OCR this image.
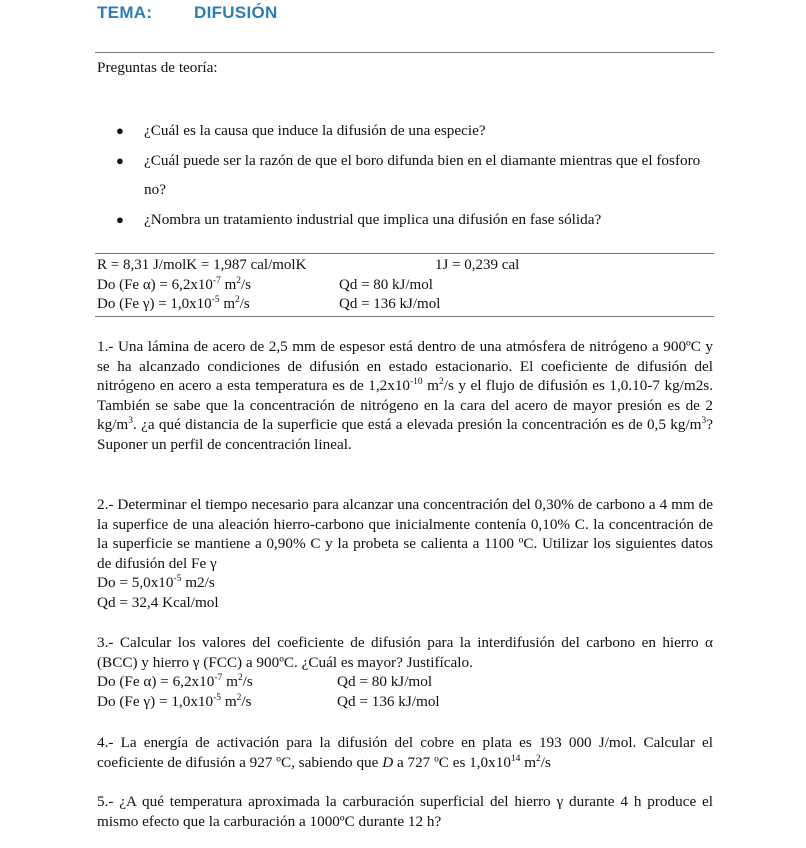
TEMA: DIFUSIÓN
Preguntas de teoría:
● ¿Cuál es la causa que induce la difusión de una especie?
● ¿Cuál puede ser la razón de que el boro difunda bien en el diamante mientras que el fosforo no?
● ¿Nombra un tratamiento industrial que implica una difusión en fase sólida?
R = 8,31 J/molK = 1,987 cal/molK	1J = 0,239 cal
Do (Fe $\alpha) = 6,2x10^{-7}$ $m^2/s$	Qd = 80 kJ/mol
Do (Fe $\gamma) = 1,0x10^{-5}$ $m^2/s$	Qd = 136 kJ/mol

1.- Una lámina de acero de 2,5 mm de espesor está dentro de una atmósfera de nitrógeno a 900ºC y se ha alcanzado condiciones de difusión en estado estacionario. El coeficiente de difusión del nitrógeno en acero a esta temperatura es de $1,2x10^{-10}$ $m^2/s$ y el flujo de difusión es 1,0.10-7 kg/m2s. También se sabe que la concentración de nitrógeno en la cara del acero de mayor presión es de 2 $kg/m^3$. ¿a qué distancia de la superficie que está a elevada presión la concentración es de 0,5 $kg/m^3$? Suponer un perfil de concentración lineal.

2.- Determinar el tiempo necesario para alcanzar una concentración del 0,30% de carbono a 4 mm de la superfice de una aleación hierro-carbono que inicialmente contenía 0,10% C. la concentración de la superficie se mantiene a 0,90% C y la probeta se calienta a 1100 ºC. Utilizar los siguientes datos de difusión del Fe γ

$Do = 5,0x10^{-5}$ m2/s
Qd = 32,4 Kcal/mol

3.- Calcular los valores del coeficiente de difusión para la interdifusión del carbono en hierro α (BCC) y hierro γ (FCC) a 900ºC. ¿Cuál es mayor? Justifícalo.

Do (Fe $\alpha) = 6,2x10^{-7}$ $m^2/s$	Qd = 80 kJ/mol
Do (Fe $\gamma) = 1,0x10^{-5}$ $m^2/s$	Qd = 136 kJ/mol

4.- La energía de activación para la difusión del cobre en plata es 193 000 J/mol. Calcular el coeficiente de difusión a 927 ºC, sabiendo que D a 727 ºC es $1,0x10^{14}$ $m^2/s$

5.- ¿A qué temperatura aproximada la carburación superficial del hierro γ durante 4 h produce el mismo efecto que la carburación a 1000ºC durante 12 h?
